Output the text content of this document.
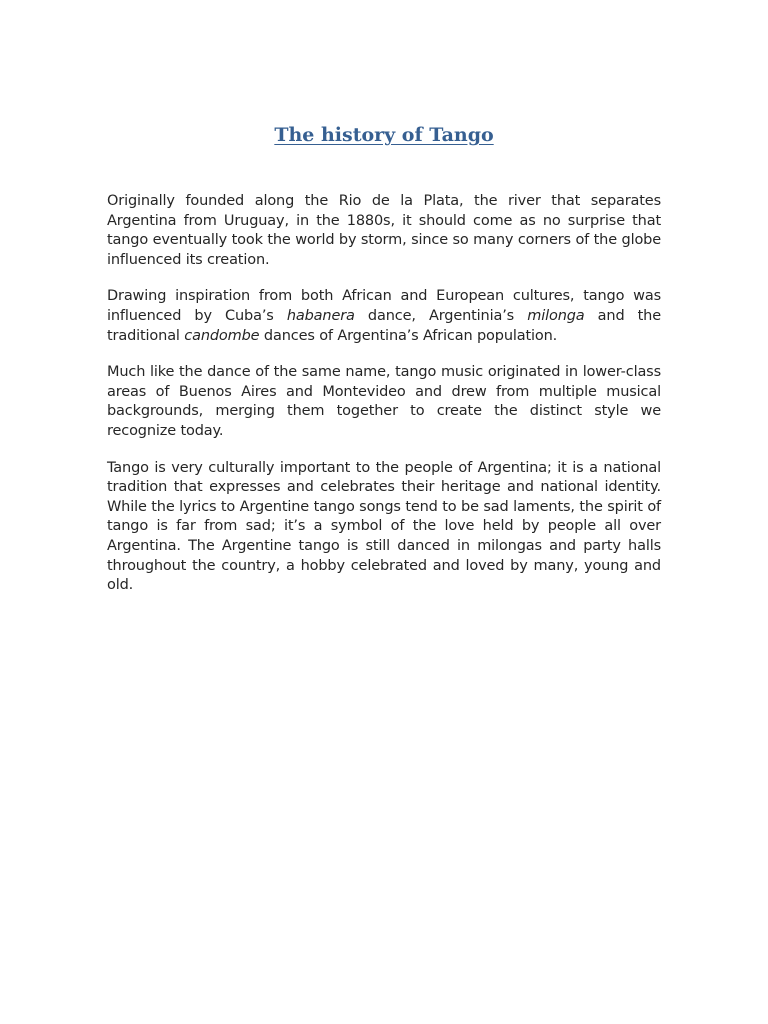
The history of Tango

Originally founded along the Rio de la Plata, the river that separates Argentina from Uruguay, in the 1880s, it should come as no surprise that tango eventually took the world by storm, since so many corners of the globe influenced its creation.

Drawing inspiration from both African and European cultures, tango was influenced by Cuba’s habanera dance, Argentinia’s milonga and the traditional candombe dances of Argentina’s African population.

Much like the dance of the same name, tango music originated in lower-class areas of Buenos Aires and Montevideo and drew from multiple musical backgrounds, merging them together to create the distinct style we recognize today.

Tango is very culturally important to the people of Argentina; it is a national tradition that expresses and celebrates their heritage and national identity. While the lyrics to Argentine tango songs tend to be sad laments, the spirit of tango is far from sad; it’s a symbol of the love held by people all over Argentina. The Argentine tango is still danced in milongas and party halls throughout the country, a hobby celebrated and loved by many, young and old.
